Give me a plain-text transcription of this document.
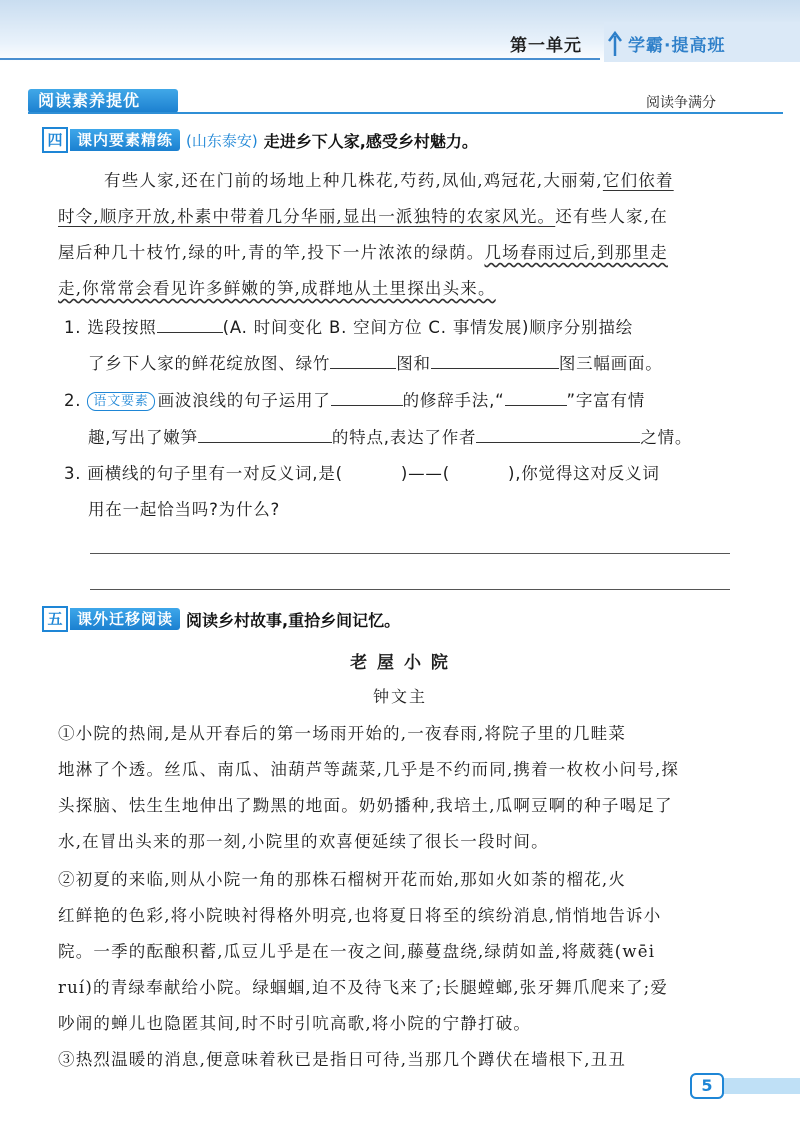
第一单元	学霸·提高班
阅读素养提优	阅读争满分
四 课内要素精练 (山东泰安) 走进乡下人家,感受乡村魅力。
有些人家,还在门前的场地上种几株花,芍药,凤仙,鸡冠花,大丽菊,它们依着
时令,顺序开放,朴素中带着几分华丽,显出一派独特的农家风光。还有些人家,在
屋后种几十枝竹,绿的叶,青的竿,投下一片浓浓的绿荫。几场春雨过后,到那里走
走,你常常会看见许多鲜嫩的笋,成群地从土里探出头来。
1. 选段按照	(A. 时间变化 B. 空间方位 C. 事情发展)顺序分别描绘
了乡下人家的鲜花绽放图、绿竹	图和	图三幅画面。
2. 语文要素 画波浪线的句子运用了	的修辞手法,“	”字富有情
趣,写出了嫩笋	的特点,表达了作者	之情。
3. 画横线的句子里有一对反义词,是(	)——(	),你觉得这对反义词
用在一起恰当吗?为什么?
五 课外迁移阅读 阅读乡村故事,重拾乡间记忆。
老 屋 小 院
钟文主
①小院的热闹,是从开春后的第一场雨开始的,一夜春雨,将院子里的几畦菜
地淋了个透。丝瓜、南瓜、油葫芦等蔬菜,几乎是不约而同,携着一枚枚小问号,探
头探脑、怯生生地伸出了黝黑的地面。奶奶播种,我培土,瓜啊豆啊的种子喝足了
水,在冒出头来的那一刻,小院里的欢喜便延续了很长一段时间。
②初夏的来临,则从小院一角的那株石榴树开花而始,那如火如荼的榴花,火
红鲜艳的色彩,将小院映衬得格外明亮,也将夏日将至的缤纷消息,悄悄地告诉小
院。一季的酝酿积蓄,瓜豆儿乎是在一夜之间,藤蔓盘绕,绿荫如盖,将葳蕤(wēi
ruí)的青绿奉献给小院。绿蝈蝈,迫不及待飞来了;长腿螳螂,张牙舞爪爬来了;爱
吵闹的蝉儿也隐匿其间,时不时引吭高歌,将小院的宁静打破。
③热烈温暖的消息,便意味着秋已是指日可待,当那几个蹲伏在墙根下,丑丑
5
